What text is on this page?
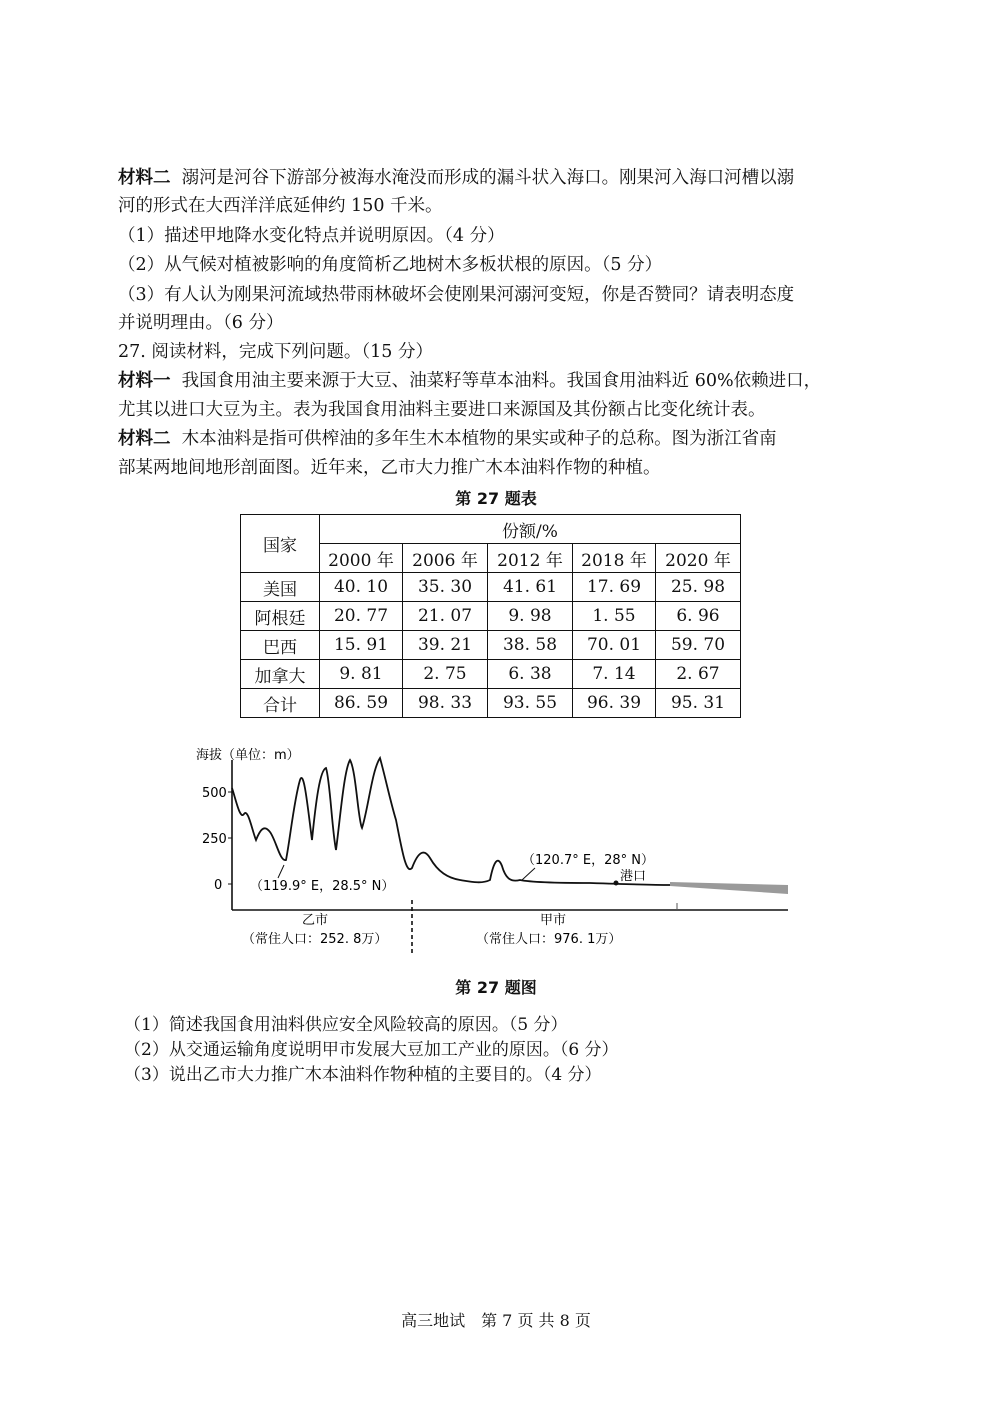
材料二 溺河是河谷下游部分被海水淹没而形成的漏斗状入海口。刚果河入海口河槽以溺
河的形式在大西洋洋底延伸约 150 千米。
（1）描述甲地降水变化特点并说明原因。（4 分）
（2）从气候对植被影响的角度简析乙地树木多板状根的原因。（5 分）
（3）有人认为刚果河流域热带雨林破坏会使刚果河溺河变短，你是否赞同？请表明态度
并说明理由。（6 分）
27. 阅读材料，完成下列问题。（15 分）
材料一 我国食用油主要来源于大豆、油菜籽等草本油料。我国食用油料近 60%依赖进口，
尤其以进口大豆为主。表为我国食用油料主要进口来源国及其份额占比变化统计表。
材料二 木本油料是指可供榨油的多年生木本植物的果实或种子的总称。图为浙江省南
部某两地间地形剖面图。近年来，乙市大力推广木本油料作物的种植。
第 27 题表
国家	份额/%				
	2000 年	2006 年	2012 年	2018 年	2020 年
美国	40. 10	35. 30	41. 61	17. 69	25. 98
阿根廷	20. 77	21. 07	9. 98	1. 55	6. 96
巴西	15. 91	39. 21	38. 58	70. 01	59. 70
加拿大	9. 81	2. 75	6. 38	7. 14	2. 67
合计	86. 59	98. 33	93. 55	96. 39	95. 31
海拔（单位：m）
500
250
0 （119.9° E，28.5° N）
（120.7° E，28° N）
港口
乙市
（常住人口：252. 8万）
甲市
（常住人口：976. 1万）
第 27 题图
（1）简述我国食用油料供应安全风险较高的原因。（5 分）
（2）从交通运输角度说明甲市发展大豆加工产业的原因。（6 分）
（3）说出乙市大力推广木本油料作物种植的主要目的。（4 分）
高三地试　第 7 页 共 8 页
